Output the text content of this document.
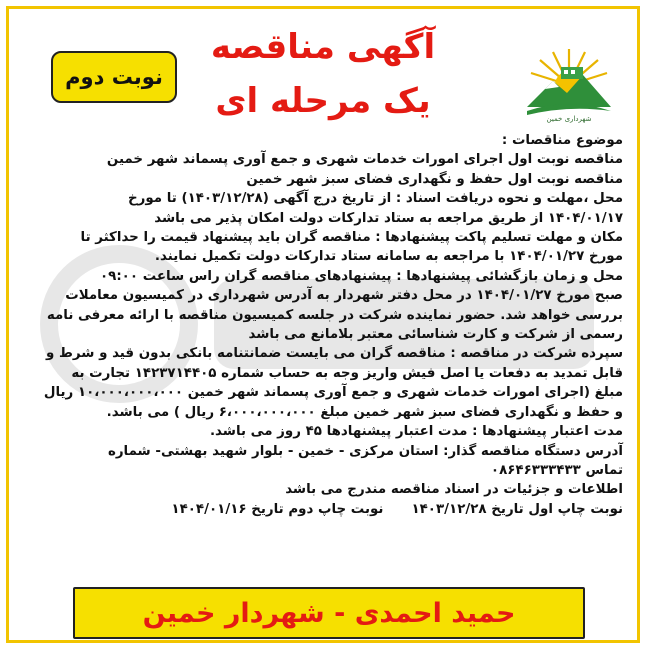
آگهی مناقصه
یک مرحله ای
نوبت دوم
شهرداری خمین

موضوع مناقصات :

مناقصه نوبت اول اجرای امورات خدمات شهری و جمع آوری پسماند شهر خمین

مناقصه نوبت اول حفظ و نگهداری فضای سبز شهر خمین

محل ،مهلت و نحوه دریافت اسناد : از تاریخ درج آگهی (۱۴۰۳/۱۲/۲۸) تا مورخ

۱۴۰۴/۰۱/۱۷ از طریق مراجعه به ستاد تدارکات دولت امکان پذیر می باشد

مکان و مهلت تسلیم پاکت پیشنهادها : مناقصه گران باید پیشنهاد قیمت را حداکثر تا

مورخ ۱۴۰۴/۰۱/۲۷ با مراجعه به سامانه ستاد تدارکات دولت تکمیل نمایند.

محل و زمان بازگشائی پیشنهادها : پیشنهادهای مناقصه گران راس ساعت ۰۹:۰۰

صبح مورخ ۱۴۰۴/۰۱/۲۷ در محل دفتر شهردار به آدرس شهرداری در کمیسیون معاملات

بررسی خواهد شد. حضور نماینده شرکت در جلسه کمیسیون مناقصه با ارائه معرفی نامه

رسمی از شرکت و کارت شناسائی معتبر بلامانع می باشد

سپرده شرکت در مناقصه : مناقصه گران می بایست ضمانتنامه بانکی بدون قید و شرط و

قابل تمدید به دفعات یا اصل فیش واریز وجه به حساب شماره ۱۴۲۳۷۱۴۴۰۵ تجارت به

مبلغ (اجرای امورات خدمات شهری و جمع آوری پسماند شهر خمین ۱۰،۰۰۰،۰۰۰،۰۰۰ ریال

و حفظ و نگهداری فضای سبز شهر خمین مبلغ ۶،۰۰۰،۰۰۰،۰۰۰ ریال ) می باشد.

مدت اعتبار پیشنهادها : مدت اعتبار پیشنهادها ۴۵ روز می باشد.

آدرس دستگاه مناقصه گذار: استان مرکزی - خمین - بلوار شهید بهشتی- شماره

تماس ۰۸۶۴۶۳۳۳۴۳۳

اطلاعات و جزئیات در اسناد مناقصه مندرج می باشد

نوبت چاپ اول تاریخ ۱۴۰۳/۱۲/۲۸
نوبت چاپ دوم تاریخ ۱۴۰۴/۰۱/۱۶
حمید احمدی - شهردار خمین
